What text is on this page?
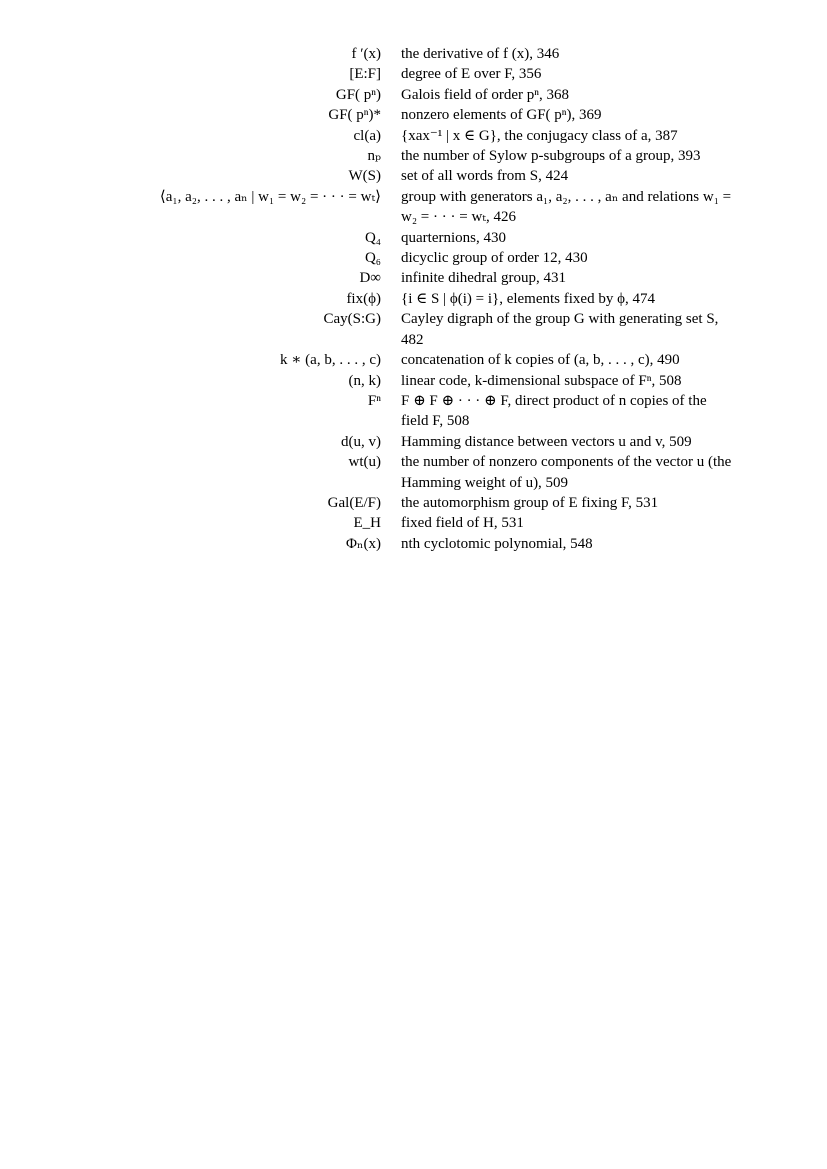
f ′(x) the derivative of f (x), 346
[E:F] degree of E over F, 356
GF( pⁿ) Galois field of order pⁿ, 368
GF( pⁿ)* nonzero elements of GF( pⁿ), 369
cl(a) {xax⁻¹ | x ∈ G}, the conjugacy class of a, 387
nₚ the number of Sylow p-subgroups of a group, 393
W(S) set of all words from S, 424
⟨a₁, a₂, . . . , aₙ | w₁ = w₂ = · · · = wₜ⟩ group with generators a₁, a₂, . . . , aₙ and relations w₁ = w₂ = · · · = wₜ, 426
Q₄ quarternions, 430
Q₆ dicyclic group of order 12, 430
D∞ infinite dihedral group, 431
fix(ϕ) {i ∈ S | ϕ(i) = i}, elements fixed by ϕ, 474
Cay(S:G) Cayley digraph of the group G with generating set S, 482
k ∗ (a, b, . . . , c) concatenation of k copies of (a, b, . . . , c), 490
(n, k) linear code, k-dimensional subspace of Fⁿ, 508
Fⁿ F ⊕ F ⊕ · · · ⊕ F, direct product of n copies of the field F, 508
d(u, v) Hamming distance between vectors u and v, 509
wt(u) the number of nonzero components of the vector u (the Hamming weight of u), 509
Gal(E/F) the automorphism group of E fixing F, 531
E_H fixed field of H, 531
Φₙ(x) nth cyclotomic polynomial, 548
